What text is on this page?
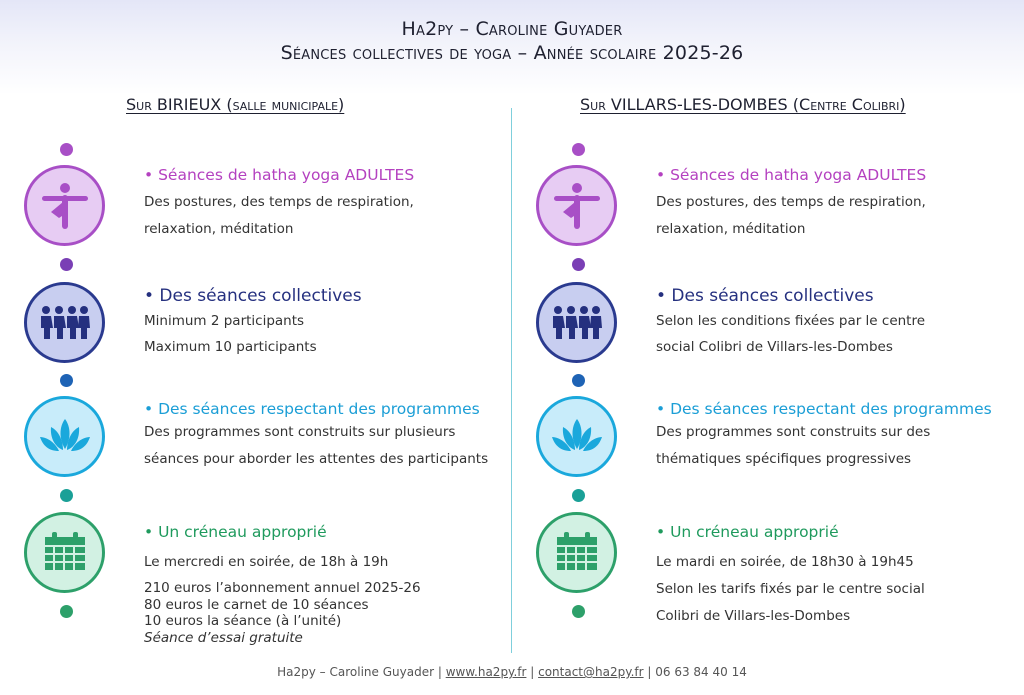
Ha2py – Caroline Guyader
Séances collectives de yoga – Année scolaire 2025-26
Sur BIRIEUX (salle municipale)
• Séances de hatha yoga ADULTES
Des postures, des temps de respiration,
relaxation, méditation
• Des séances collectives
Minimum 2 participants
Maximum 10 participants
• Des séances respectant des programmes
Des programmes sont construits sur plusieurs
séances pour aborder les attentes des participants
• Un créneau approprié
Le mercredi en soirée, de 18h à 19h
210 euros l’abonnement annuel 2025-26
80 euros le carnet de 10 séances
10 euros la séance (à l’unité)
Séance d’essai gratuite
Sur VILLARS-LES-DOMBES (Centre Colibri)
• Séances de hatha yoga ADULTES
Des postures, des temps de respiration,
relaxation, méditation
• Des séances collectives
Selon les conditions fixées par le centre
social Colibri de Villars-les-Dombes
• Des séances respectant des programmes
Des programmes sont construits sur des
thématiques spécifiques progressives
• Un créneau approprié
Le mardi en soirée, de 18h30 à 19h45
Selon les tarifs fixés par le centre social
Colibri de Villars-les-Dombes
Ha2py – Caroline Guyader | www.ha2py.fr | contact@ha2py.fr | 06 63 84 40 14
